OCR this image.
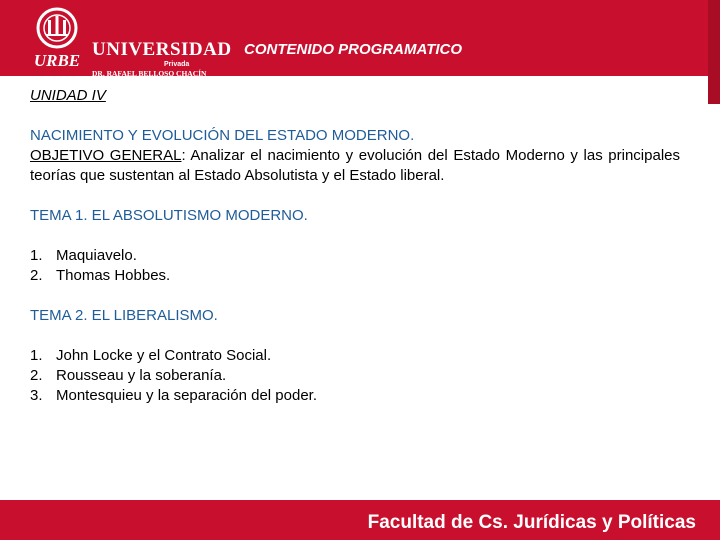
URBE
UNIVERSIDAD
Privada
DR. RAFAEL BELLOSO CHACÍN
CONTENIDO PROGRAMATICO

UNIDAD IV

NACIMIENTO Y EVOLUCIÓN DEL ESTADO MODERNO.
OBJETIVO GENERAL: Analizar el nacimiento y evolución del Estado Moderno y las principales teorías que sustentan al Estado Absolutista y el Estado liberal.

TEMA 1. EL ABSOLUTISMO MODERNO.

1. Maquiavelo.
2. Thomas Hobbes.

TEMA 2. EL LIBERALISMO.

1. John Locke y el Contrato Social.
2. Rousseau y la soberanía.
3. Montesquieu y la separación del poder.
Facultad de Cs. Jurídicas y Políticas
